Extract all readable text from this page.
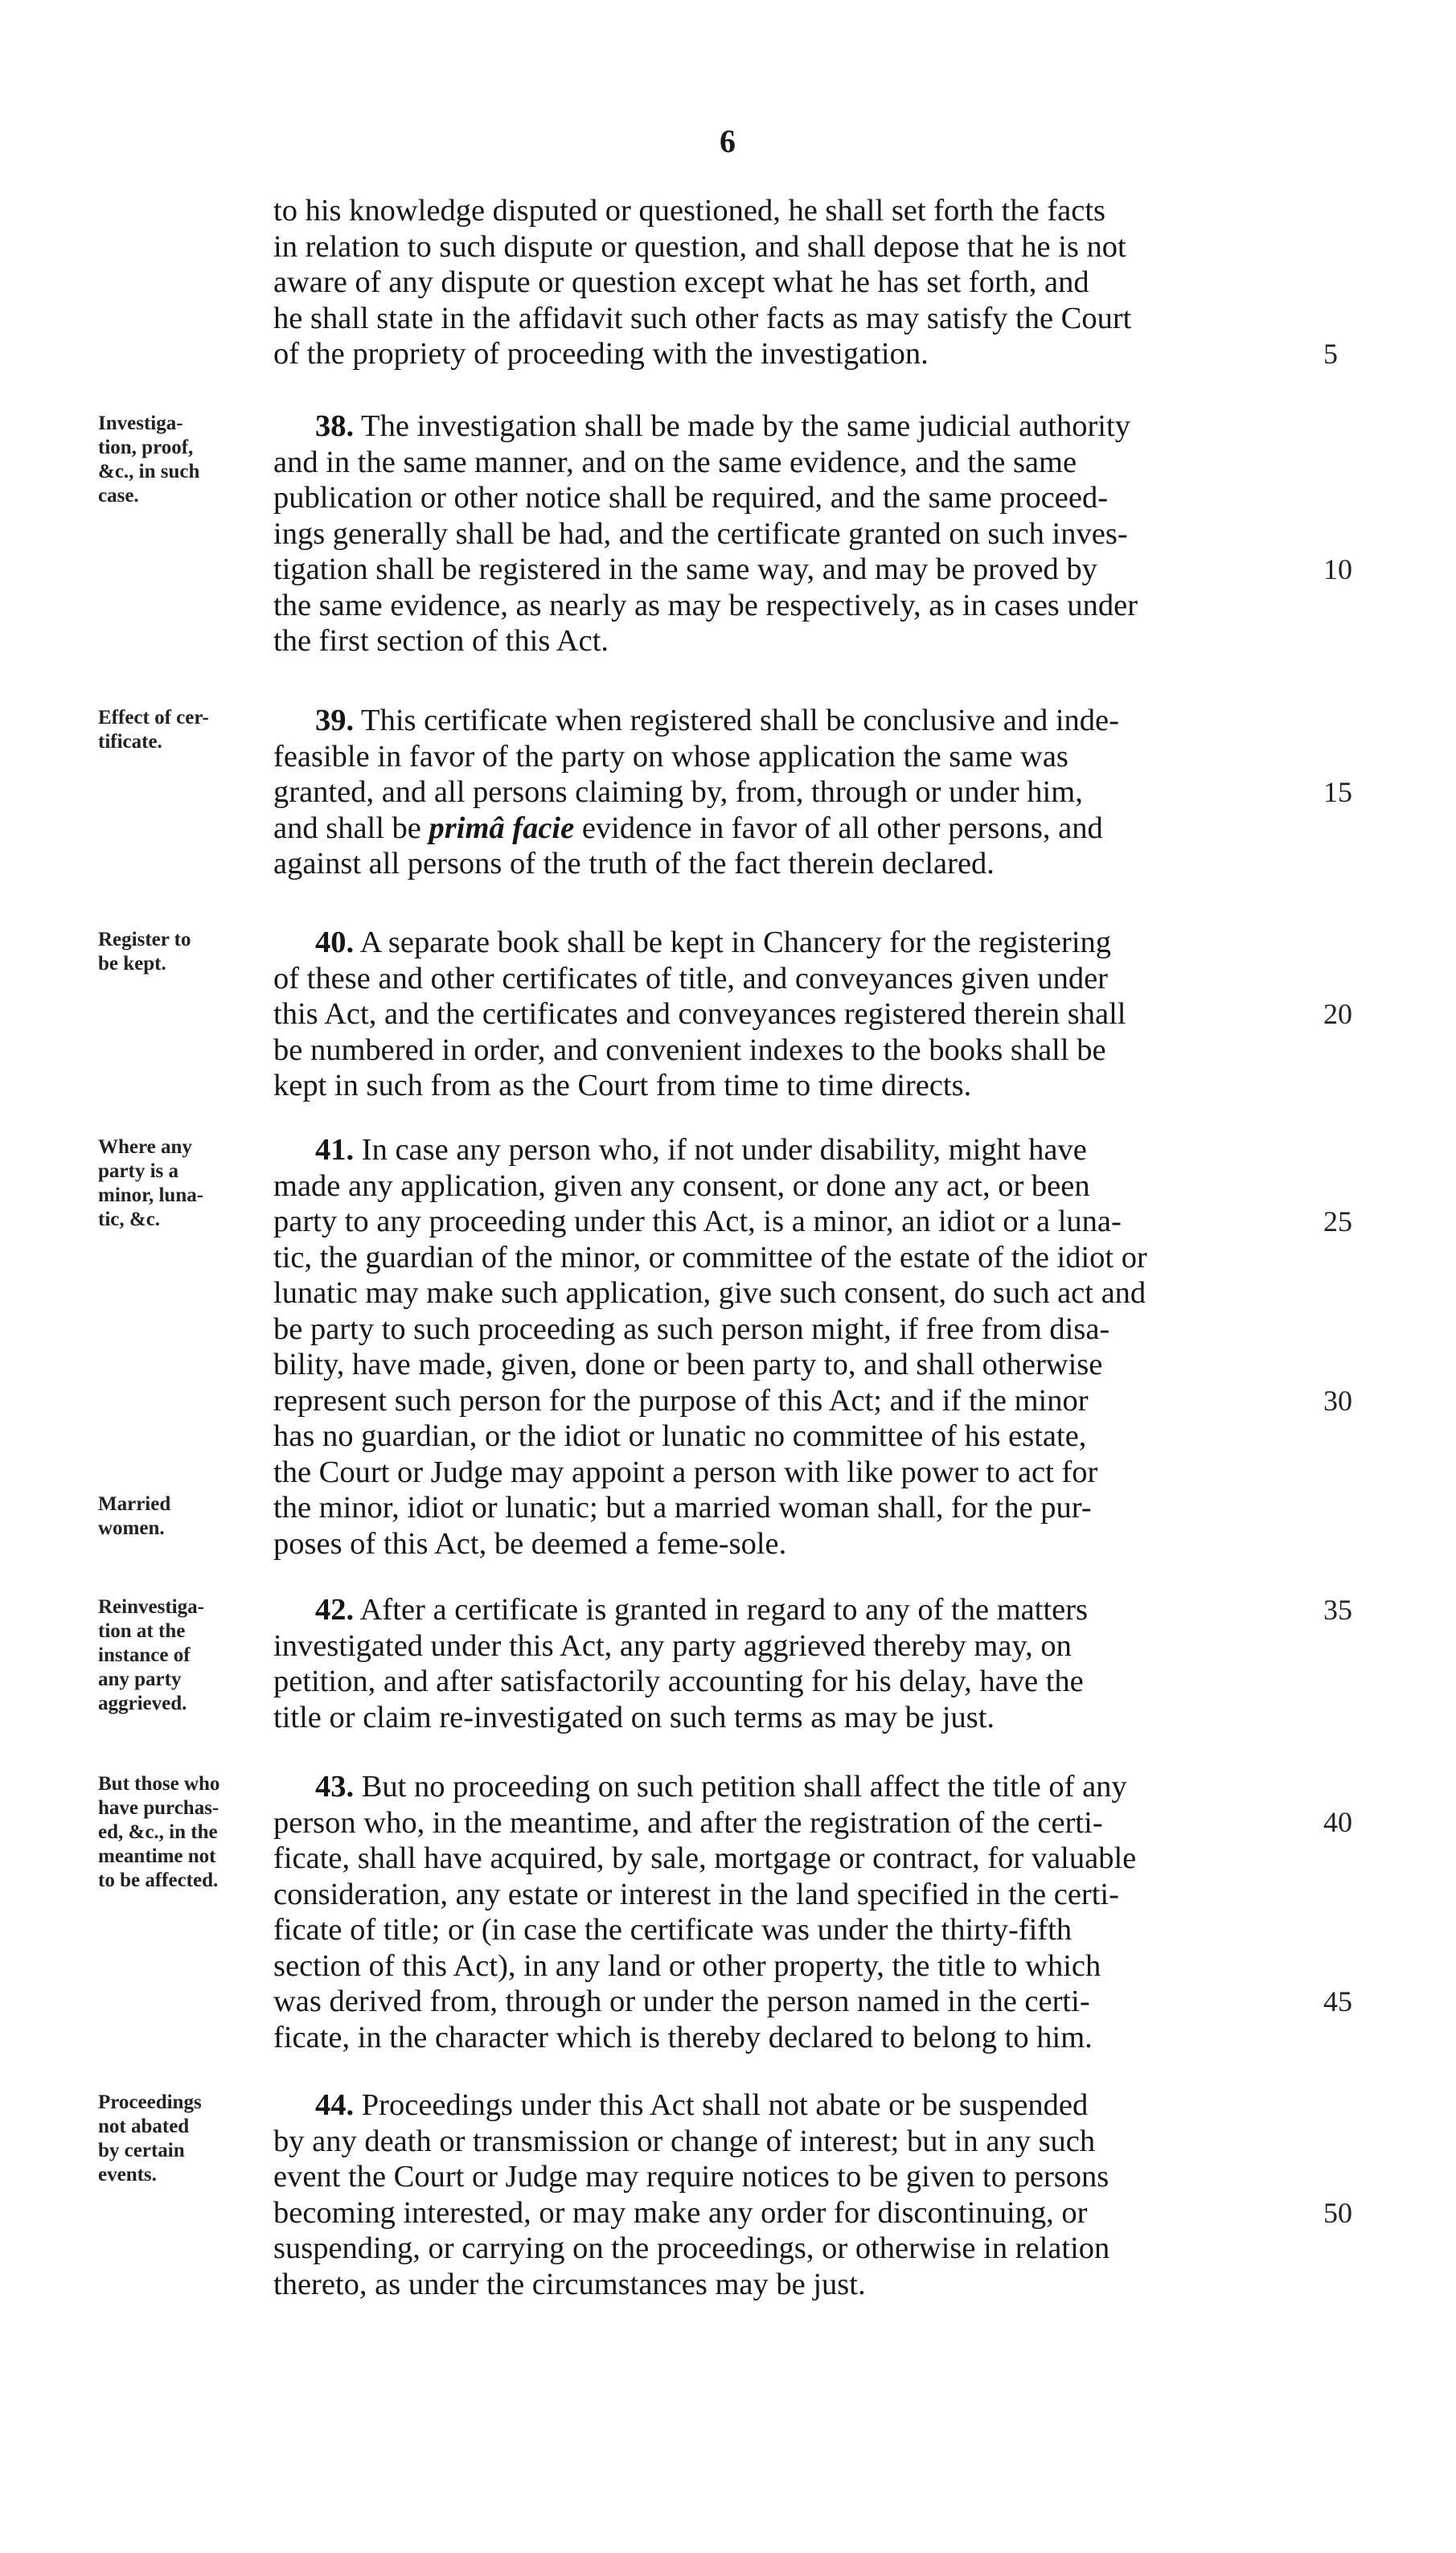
6
to his knowledge disputed or questioned, he shall set forth the facts
in relation to such dispute or question, and shall depose that he is not
aware of any dispute or question except what he has set forth, and
he shall state in the affidavit such other facts as may satisfy the Court
of the propriety of proceeding with the investigation.	5
Investiga-
tion, proof,
&c., in such
case.
38. The investigation shall be made by the same judicial authority
and in the same manner, and on the same evidence, and the same
publication or other notice shall be required, and the same proceed-
ings generally shall be had, and the certificate granted on such inves-
tigation shall be registered in the same way, and may be proved by
the same evidence, as nearly as may be respectively, as in cases under
the first section of this Act.
10
Effect of cer-
tificate.
39. This certificate when registered shall be conclusive and inde-
feasible in favor of the party on whose application the same was
granted, and all persons claiming by, from, through or under him,
and shall be primâ facie evidence in favor of all other persons, and
against all persons of the truth of the fact therein declared.
15
Register to
be kept.
40. A separate book shall be kept in Chancery for the registering
of these and other certificates of title, and conveyances given under
this Act, and the certificates and conveyances registered therein shall
be numbered in order, and convenient indexes to the books shall be
kept in such from as the Court from time to time directs.
20
Where any
party is a
minor, luna-
tic, &c.
Married
women.
41. In case any person who, if not under disability, might have
made any application, given any consent, or done any act, or been
party to any proceeding under this Act, is a minor, an idiot or a luna-
tic, the guardian of the minor, or committee of the estate of the idiot or
lunatic may make such application, give such consent, do such act and
be party to such proceeding as such person might, if free from disa-
bility, have made, given, done or been party to, and shall otherwise
represent such person for the purpose of this Act; and if the minor
has no guardian, or the idiot or lunatic no committee of his estate,
the Court or Judge may appoint a person with like power to act for
the minor, idiot or lunatic; but a married woman shall, for the pur-
poses of this Act, be deemed a feme-sole.
25
30
Reinvestiga-
tion at the
instance of
any party
aggrieved.
42. After a certificate is granted in regard to any of the matters
investigated under this Act, any party aggrieved thereby may, on
petition, and after satisfactorily accounting for his delay, have the
title or claim re-investigated on such terms as may be just.
35
But those who
have purchas-
ed, &c., in the
meantime not
to be affected.
43. But no proceeding on such petition shall affect the title of any
person who, in the meantime, and after the registration of the certi-
ficate, shall have acquired, by sale, mortgage or contract, for valuable
consideration, any estate or interest in the land specified in the certi-
ficate of title; or (in case the certificate was under the thirty-fifth
section of this Act), in any land or other property, the title to which
was derived from, through or under the person named in the certi-
ficate, in the character which is thereby declared to belong to him.
40
45
Proceedings
not abated
by certain
events.
44. Proceedings under this Act shall not abate or be suspended
by any death or transmission or change of interest; but in any such
event the Court or Judge may require notices to be given to persons
becoming interested, or may make any order for discontinuing, or
suspending, or carrying on the proceedings, or otherwise in relation
thereto, as under the circumstances may be just.
50
